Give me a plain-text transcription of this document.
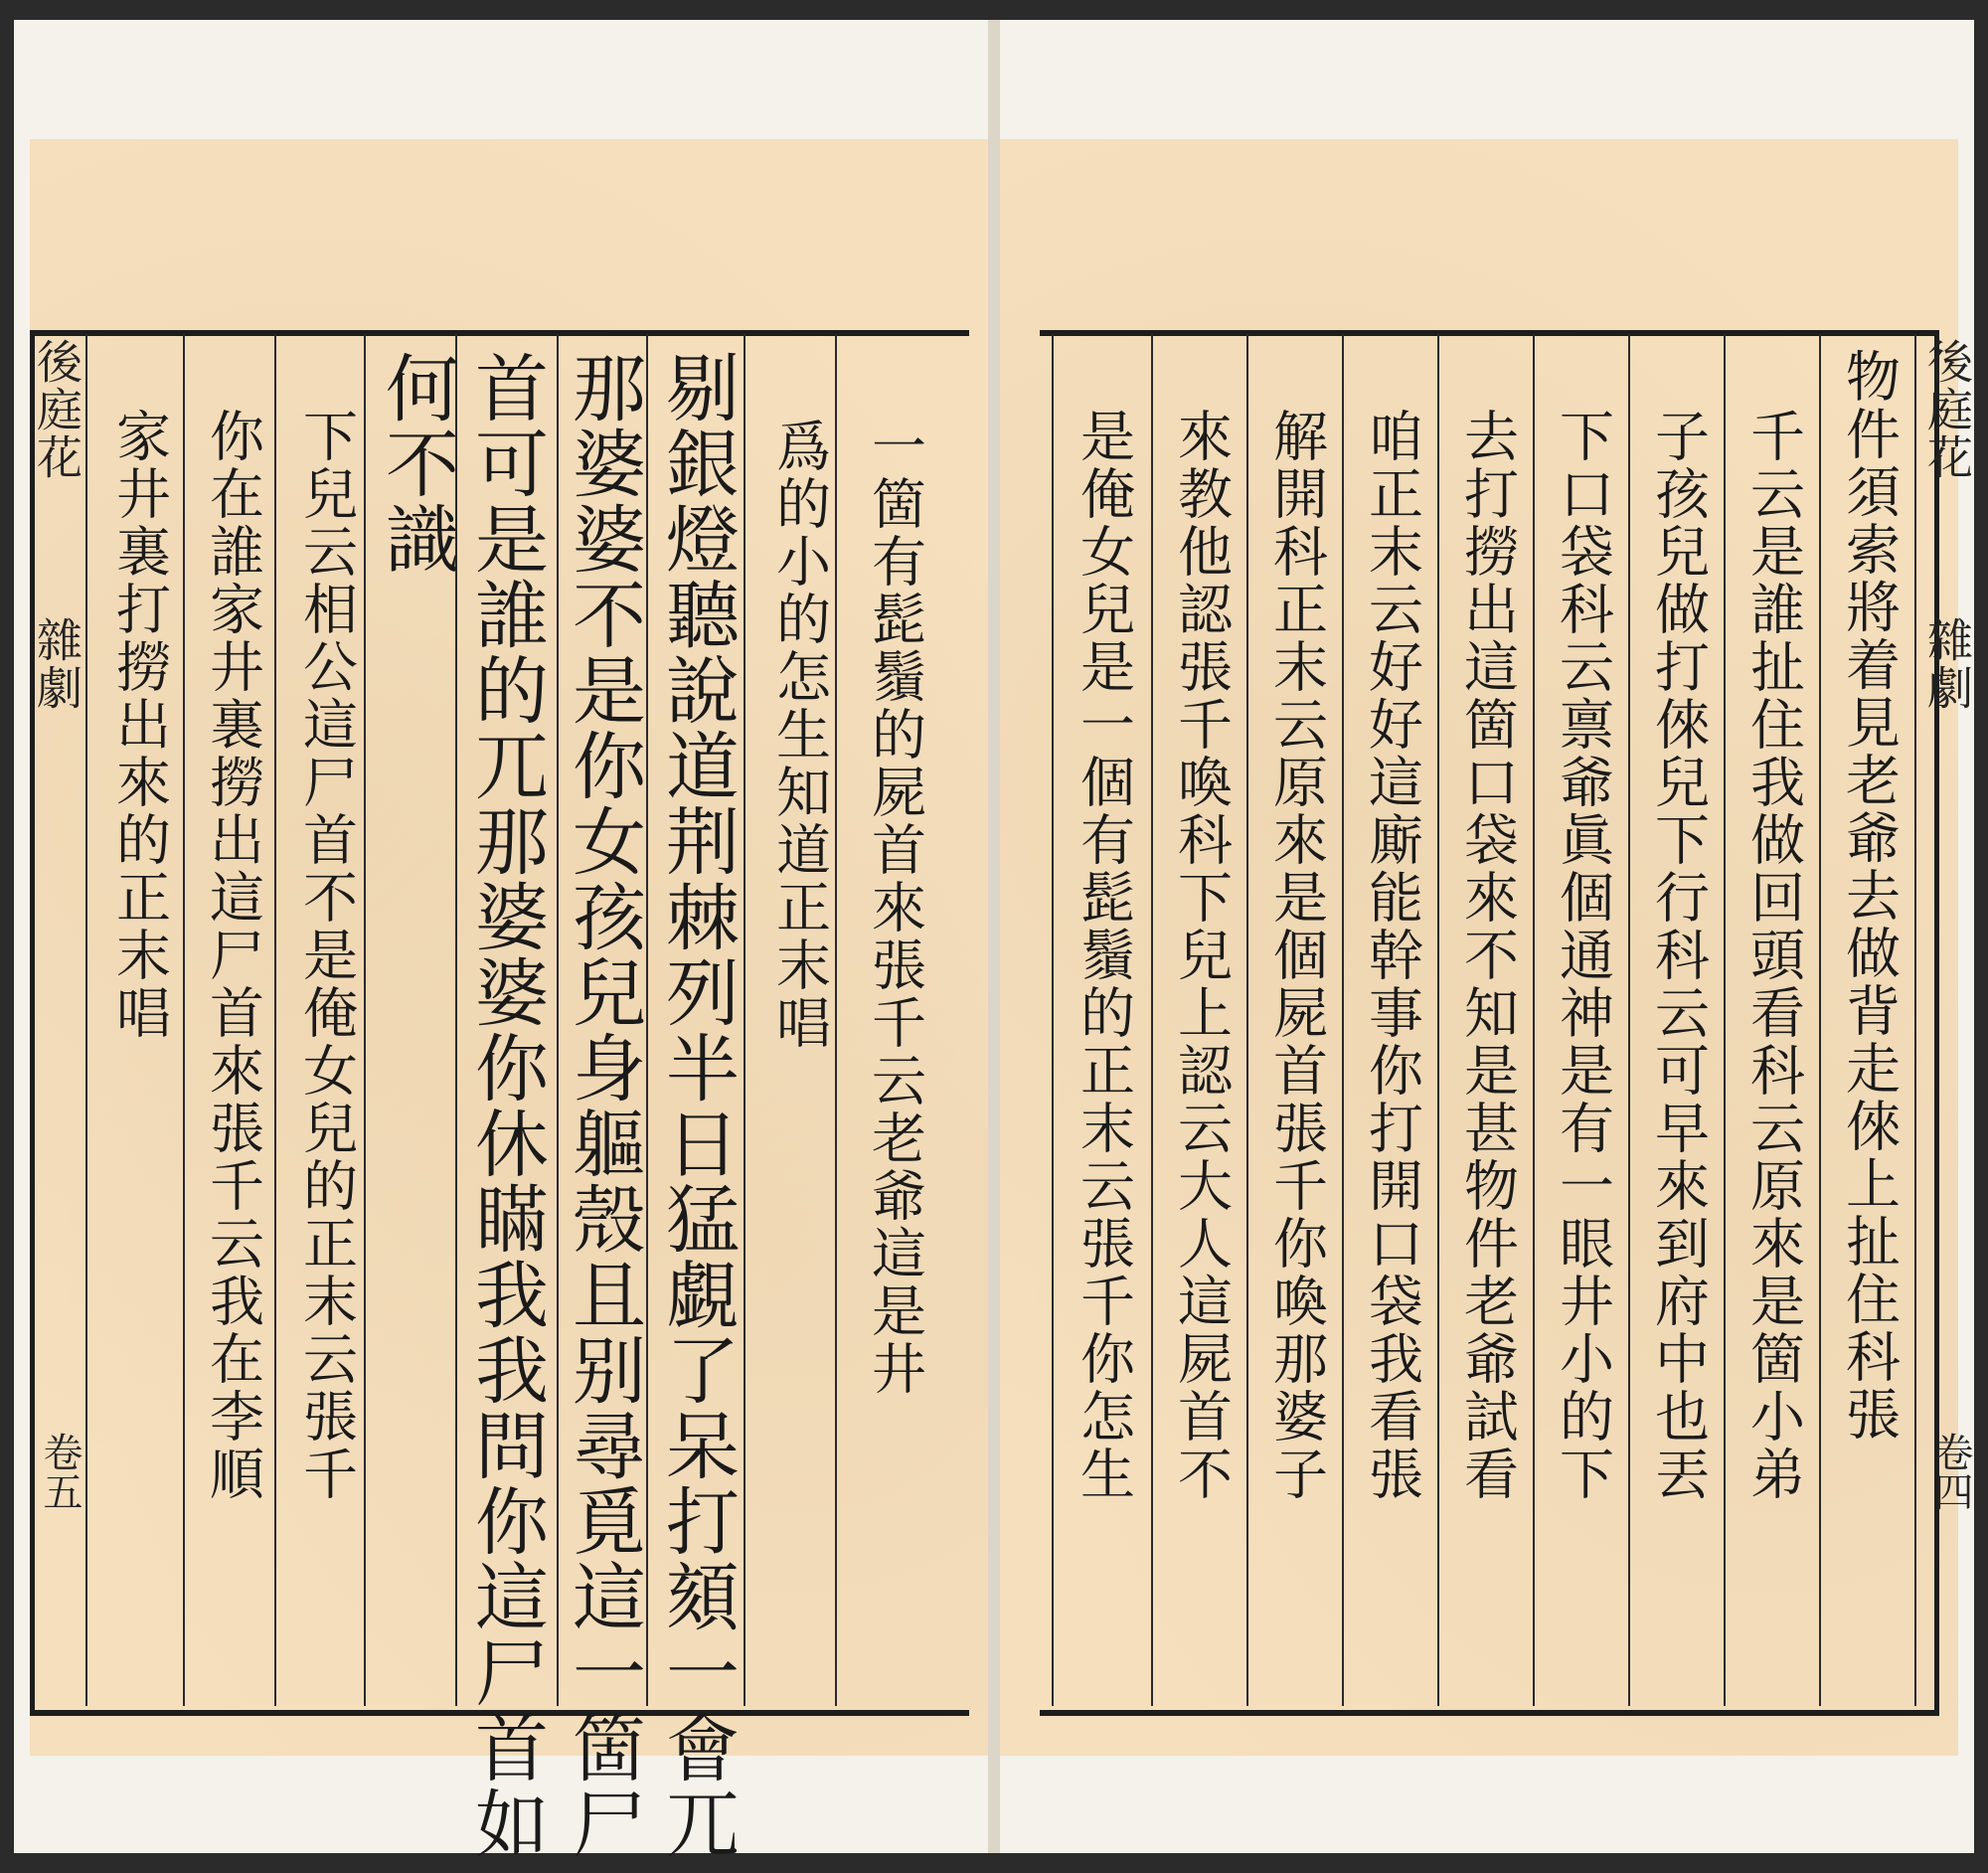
後庭花
雜劇
卷五
家井裏打撈出來的正末唱 你在誰家井裏撈出這尸首來張千云我在李順 下兒云相公這尸首不是俺女兒的正末云張千 何不識 首可是誰的兀那婆婆你休瞞我我問你這尸首如 那婆婆不是你女孩兒身軀殼且别尋覓這一箇尸 剔銀燈聽說道荆棘列半日猛覷了呆打頦一會兀 爲的小的怎生知道正末唱 一箇有髭鬚的屍首來張千云老爺這是井	是俺女兒是一個有髭鬚的正末云張千你怎生 來教他認張千喚科下兒上認云大人這屍首不 解開科正末云原來是個屍首張千你喚那婆子 咱正末云好好這廝能幹事你打開口袋我看張 去打撈出這箇口袋來不知是甚物件老爺試看 下口袋科云禀爺眞個通神是有一眼井小的下 子孩兒做打倈兒下行科云可早來到府中也丟 千云是誰扯住我做回頭看科云原來是箇小弟 物件須索將着見老爺去做背走倈上扯住科張 後庭花
雜劇
卷四
